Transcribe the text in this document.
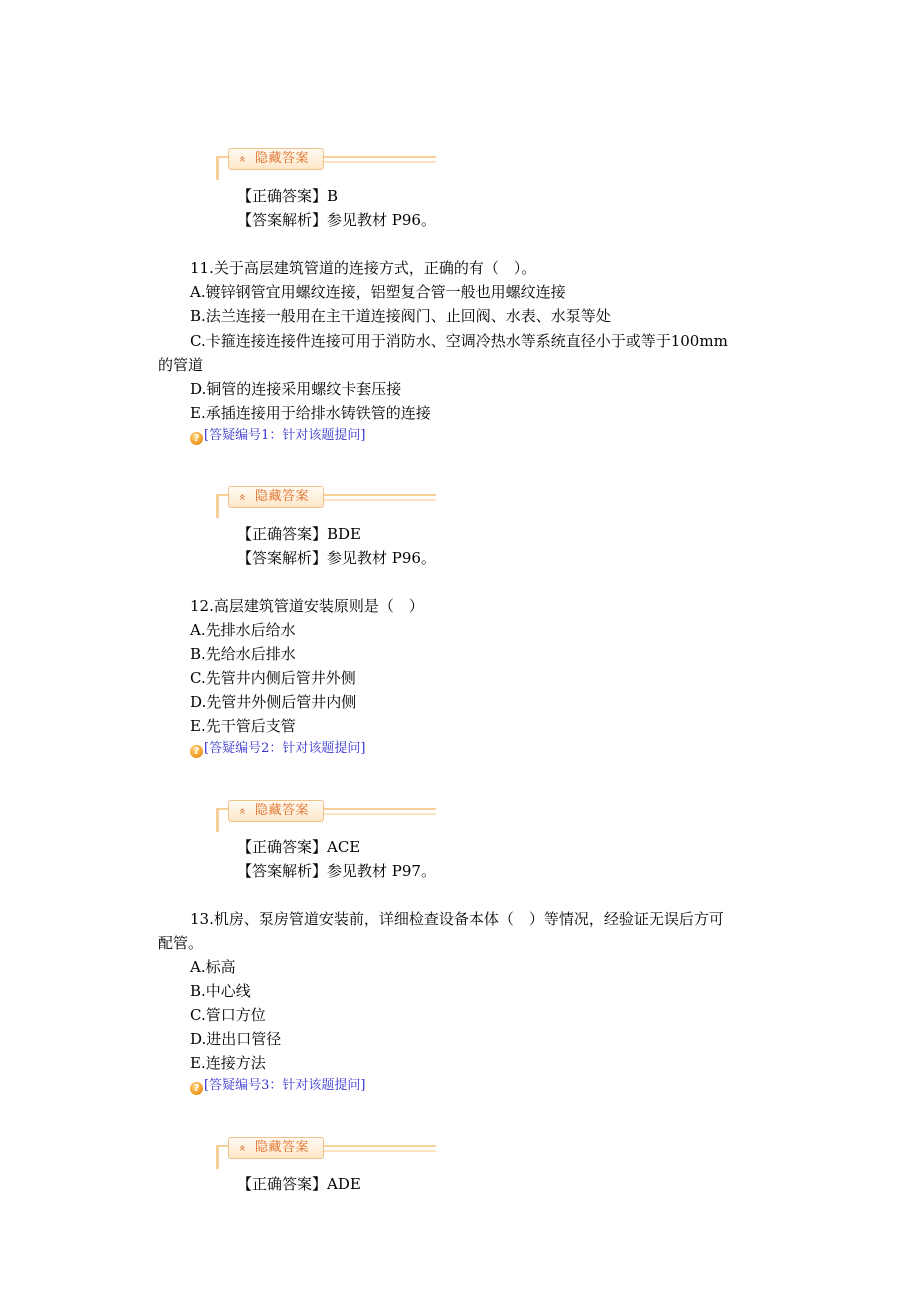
» 隐藏答案
【正确答案】B
【答案解析】参见教材 P96。
11.关于高层建筑管道的连接方式，正确的有（　）。
A.镀锌钢管宜用螺纹连接，铝塑复合管一般也用螺纹连接
B.法兰连接一般用在主干道连接阀门、止回阀、水表、水泵等处
C.卡箍连接连接件连接可用于消防水、空调冷热水等系统直径小于或等于100mm
的管道
D.铜管的连接采用螺纹卡套压接
E.承插连接用于给排水铸铁管的连接
? [答疑编号1：针对该题提问]
» 隐藏答案
【正确答案】BDE
【答案解析】参见教材 P96。
12.高层建筑管道安装原则是（　）
A.先排水后给水
B.先给水后排水
C.先管井内侧后管井外侧
D.先管井外侧后管井内侧
E.先干管后支管
? [答疑编号2：针对该题提问]
» 隐藏答案
【正确答案】ACE
【答案解析】参见教材 P97。
13.机房、泵房管道安装前，详细检查设备本体（　）等情况，经验证无误后方可
配管。
A.标高
B.中心线
C.管口方位
D.进出口管径
E.连接方法
? [答疑编号3：针对该题提问]
» 隐藏答案
【正确答案】ADE
